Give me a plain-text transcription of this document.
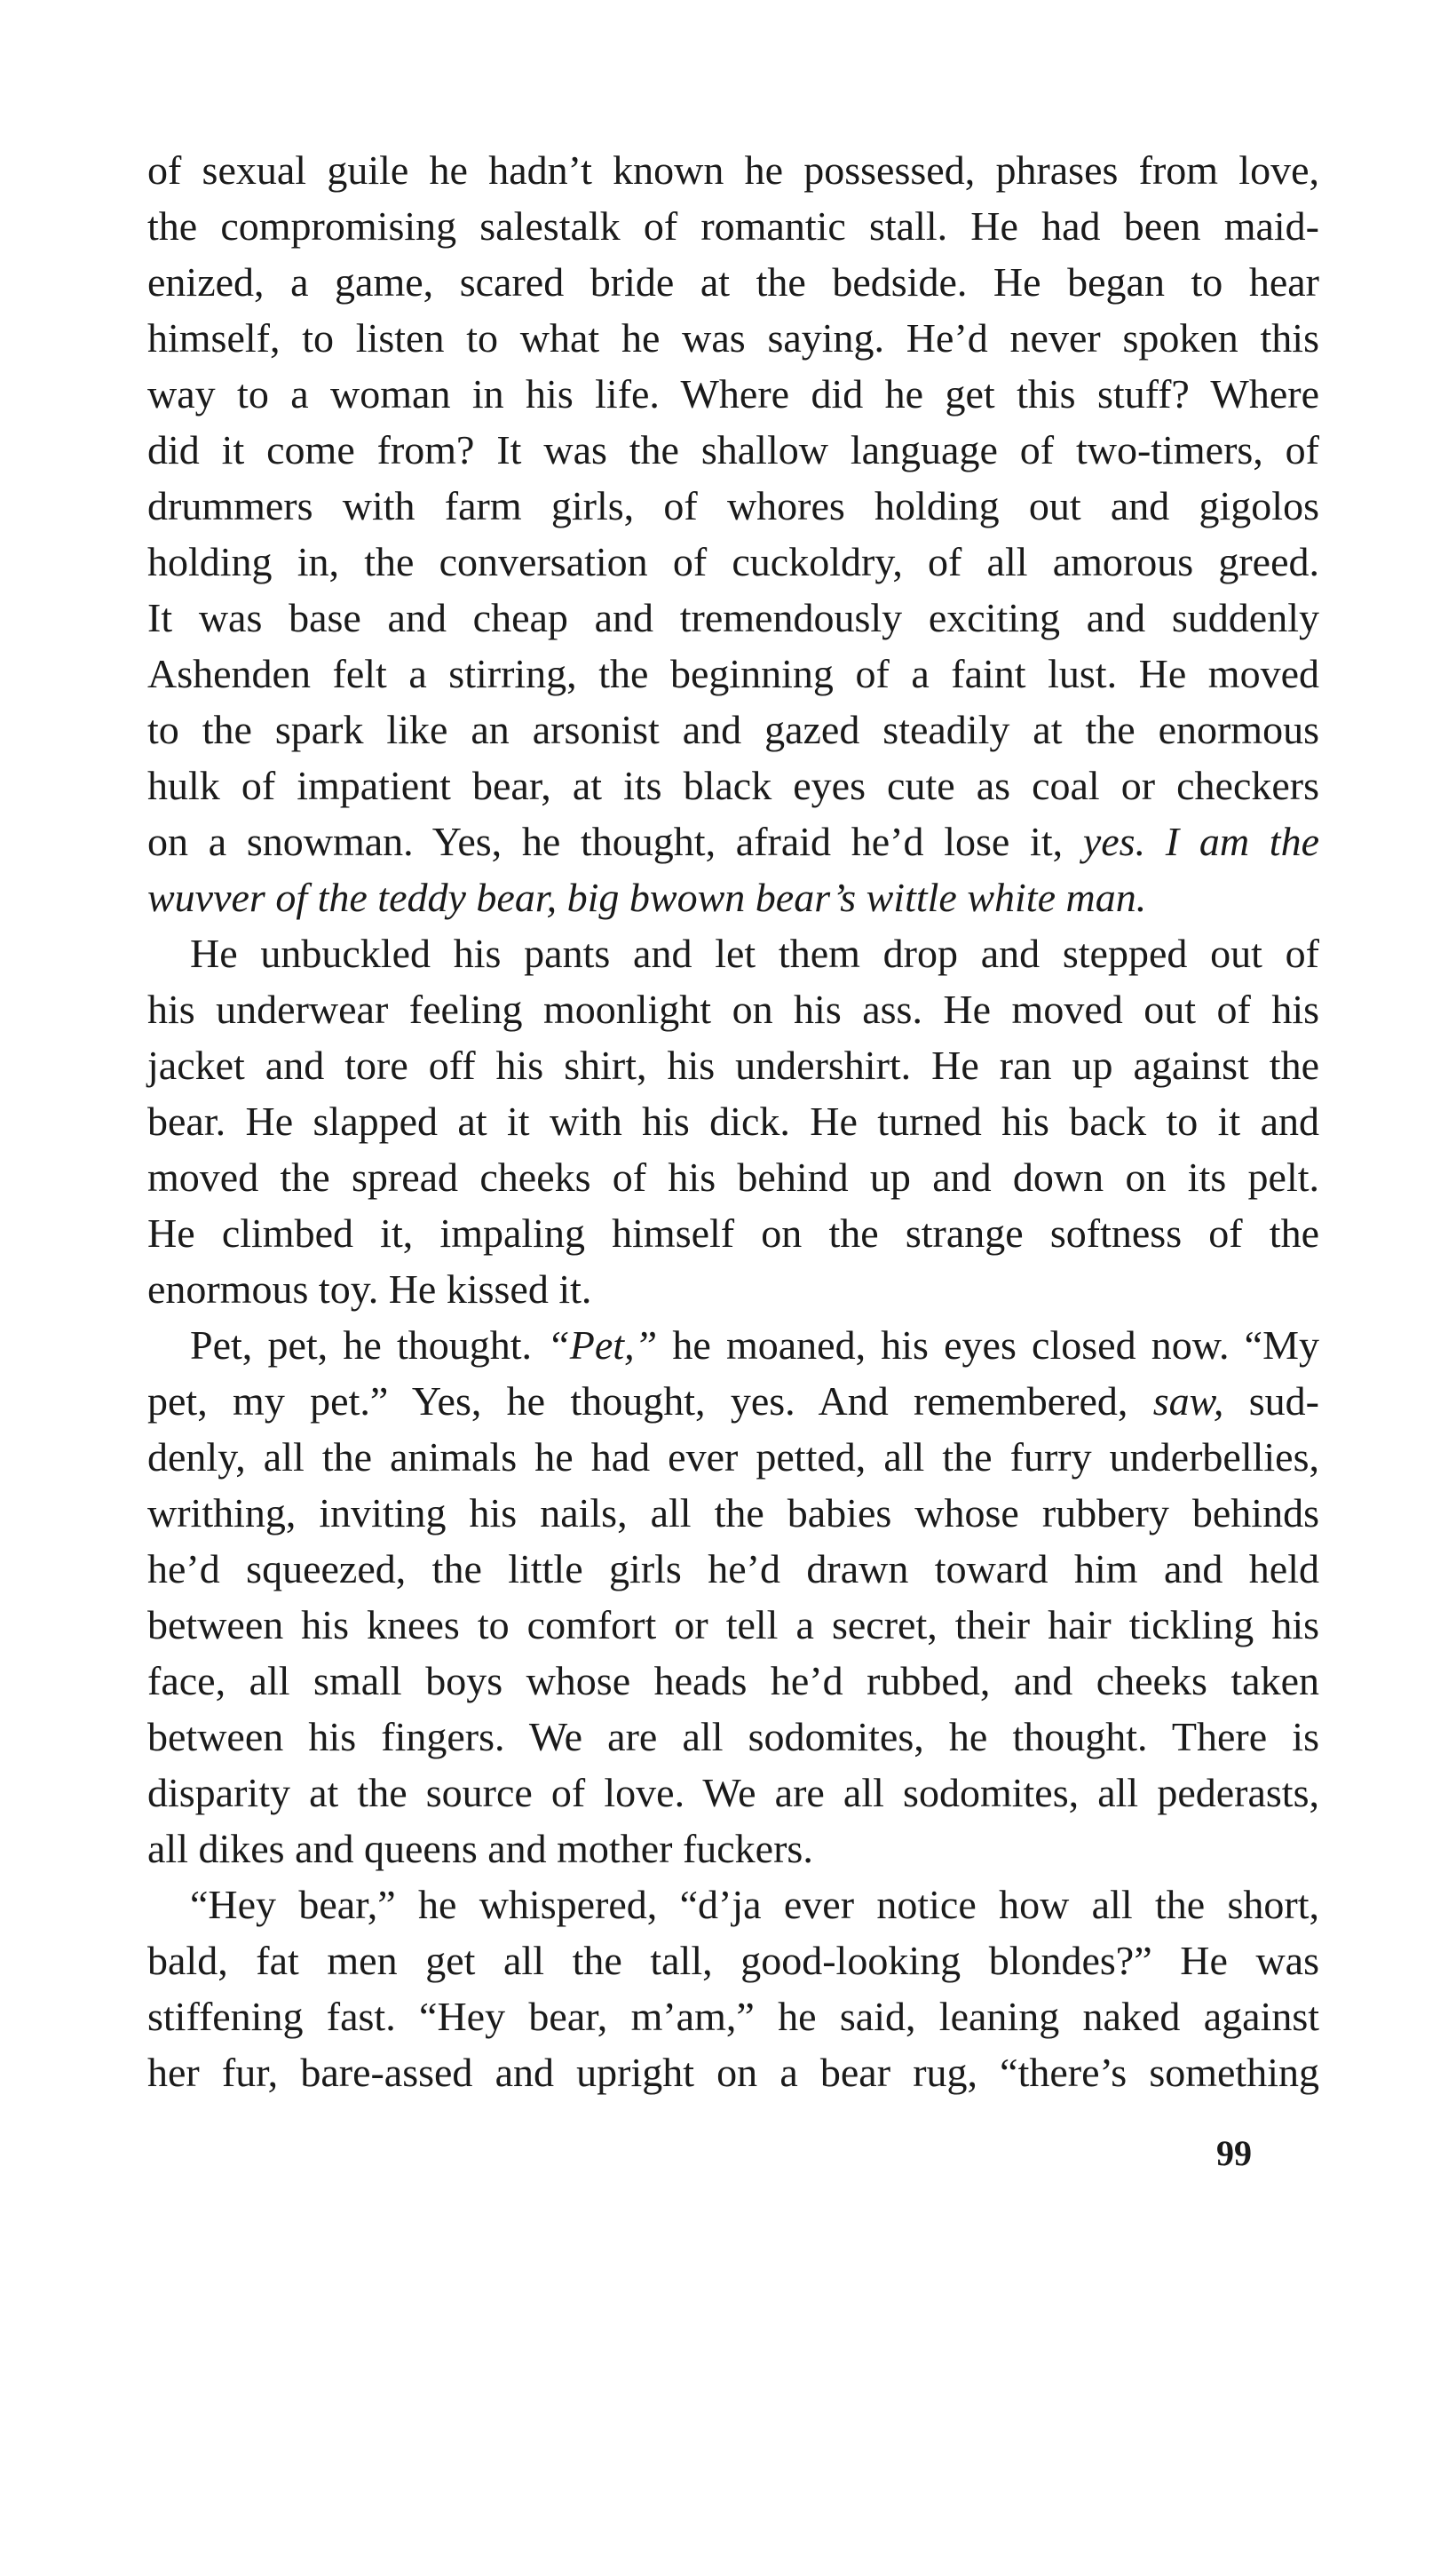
of sexual guile he hadn’t known he possessed, phrases from love,
the compromising salestalk of romantic stall. He had been maid-
enized, a game, scared bride at the bedside. He began to hear
himself, to listen to what he was saying. He’d never spoken this
way to a woman in his life. Where did he get this stuff? Where
did it come from? It was the shallow language of two-timers, of
drummers with farm girls, of whores holding out and gigolos
holding in, the conversation of cuckoldry, of all amorous greed.
It was base and cheap and tremendously exciting and suddenly
Ashenden felt a stirring, the beginning of a faint lust. He moved
to the spark like an arsonist and gazed steadily at the enormous
hulk of impatient bear, at its black eyes cute as coal or checkers
on a snowman. Yes, he thought, afraid he’d lose it, yes. I am the
wuvver of the teddy bear, big bwown bear’s wittle white man.
He unbuckled his pants and let them drop and stepped out of
his underwear feeling moonlight on his ass. He moved out of his
jacket and tore off his shirt, his undershirt. He ran up against the
bear. He slapped at it with his dick. He turned his back to it and
moved the spread cheeks of his behind up and down on its pelt.
He climbed it, impaling himself on the strange softness of the
enormous toy. He kissed it.
Pet, pet, he thought. “Pet,” he moaned, his eyes closed now. “My
pet, my pet.” Yes, he thought, yes. And remembered, saw, sud-
denly, all the animals he had ever petted, all the furry underbellies,
writhing, inviting his nails, all the babies whose rubbery behinds
he’d squeezed, the little girls he’d drawn toward him and held
between his knees to comfort or tell a secret, their hair tickling his
face, all small boys whose heads he’d rubbed, and cheeks taken
between his fingers. We are all sodomites, he thought. There is
disparity at the source of love. We are all sodomites, all pederasts,
all dikes and queens and mother fuckers.
“Hey bear,” he whispered, “d’ja ever notice how all the short,
bald, fat men get all the tall, good-looking blondes?” He was
stiffening fast. “Hey bear, m’am,” he said, leaning naked against
her fur, bare-assed and upright on a bear rug, “there’s something
99
